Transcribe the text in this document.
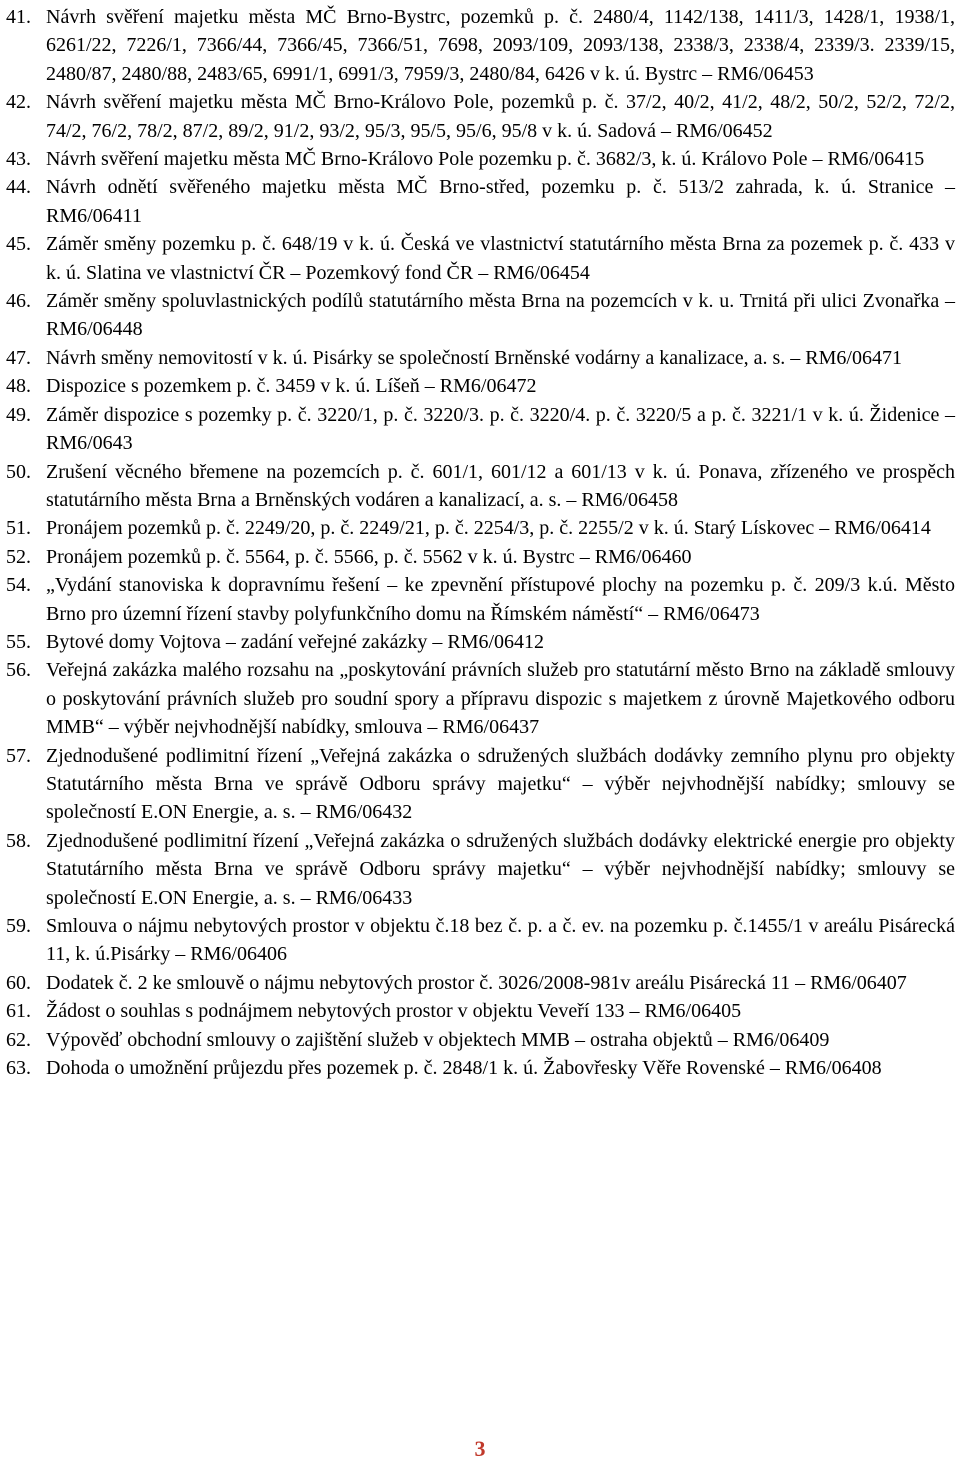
41. Návrh svěření majetku města MČ Brno-Bystrc, pozemků p. č. 2480/4, 1142/138, 1411/3, 1428/1, 1938/1, 6261/22, 7226/1, 7366/44, 7366/45, 7366/51, 7698, 2093/109, 2093/138, 2338/3, 2338/4, 2339/3. 2339/15, 2480/87, 2480/88, 2483/65, 6991/1, 6991/3, 7959/3, 2480/84, 6426 v k. ú. Bystrc – RM6/06453
42. Návrh svěření majetku města MČ Brno-Královo Pole, pozemků p. č. 37/2, 40/2, 41/2, 48/2, 50/2, 52/2, 72/2, 74/2, 76/2, 78/2, 87/2, 89/2, 91/2, 93/2, 95/3, 95/5, 95/6, 95/8 v k. ú. Sadová – RM6/06452
43. Návrh svěření majetku města MČ Brno-Královo Pole pozemku p. č. 3682/3, k. ú. Královo Pole – RM6/06415
44. Návrh odnětí svěřeného majetku města MČ Brno-střed, pozemku p. č. 513/2 zahrada, k. ú. Stranice – RM6/06411
45. Záměr směny pozemku p. č. 648/19 v k. ú. Česká ve vlastnictví statutárního města Brna za pozemek p. č. 433 v k. ú. Slatina ve vlastnictví ČR – Pozemkový fond ČR – RM6/06454
46. Záměr směny spoluvlastnických podílů statutárního města Brna na pozemcích v k. u. Trnitá při ulici Zvonařka – RM6/06448
47. Návrh směny nemovitostí v k. ú. Pisárky se společností Brněnské vodárny a kanalizace, a. s. – RM6/06471
48. Dispozice s pozemkem p. č. 3459 v k. ú. Líšeň – RM6/06472
49. Záměr dispozice s pozemky p. č. 3220/1, p. č. 3220/3. p. č. 3220/4. p. č. 3220/5 a p. č. 3221/1 v k. ú. Židenice – RM6/0643
50. Zrušení věcného břemene na pozemcích p. č. 601/1, 601/12 a 601/13 v k. ú. Ponava, zřízeného ve prospěch statutárního města Brna a Brněnských vodáren a kanalizací, a. s. – RM6/06458
51. Pronájem pozemků p. č. 2249/20, p. č. 2249/21, p. č. 2254/3, p. č. 2255/2 v k. ú. Starý Lískovec – RM6/06414
52. Pronájem pozemků p. č. 5564, p. č. 5566, p. č. 5562 v k. ú. Bystrc – RM6/06460
54. „Vydání stanoviska k dopravnímu řešení – ke zpevnění přístupové plochy na pozemku p. č. 209/3 k.ú. Město Brno pro územní řízení stavby polyfunkčního domu na Římském náměstí“ – RM6/06473
55. Bytové domy Vojtova – zadání veřejné zakázky – RM6/06412
56. Veřejná zakázka malého rozsahu na „poskytování právních služeb pro statutární město Brno na základě smlouvy o poskytování právních služeb pro soudní spory a přípravu dispozic s majetkem z úrovně Majetkového odboru MMB“ – výběr nejvhodnější nabídky, smlouva – RM6/06437
57. Zjednodušené podlimitní řízení „Veřejná zakázka o sdružených službách dodávky zemního plynu pro objekty Statutárního města Brna ve správě Odboru správy majetku“ – výběr nejvhodnější nabídky; smlouvy se společností E.ON Energie, a. s. – RM6/06432
58. Zjednodušené podlimitní řízení „Veřejná zakázka o sdružených službách dodávky elektrické energie pro objekty Statutárního města Brna ve správě Odboru správy majetku“ – výběr nejvhodnější nabídky; smlouvy se společností E.ON Energie, a. s. – RM6/06433
59. Smlouva o nájmu nebytových prostor v objektu č.18 bez č. p. a č. ev. na pozemku p. č.1455/1 v areálu Pisárecká 11, k. ú.Pisárky – RM6/06406
60. Dodatek č. 2 ke smlouvě o nájmu nebytových prostor č. 3026/2008-981v areálu Pisárecká 11 – RM6/06407
61. Žádost o souhlas s podnájmem nebytových prostor v objektu Veveří 133 – RM6/06405
62. Výpověď obchodní smlouvy o zajištění služeb v objektech MMB – ostraha objektů – RM6/06409
63. Dohoda o umožnění průjezdu přes pozemek p. č. 2848/1 k. ú. Žabovřesky Věře Rovenské – RM6/06408
3
